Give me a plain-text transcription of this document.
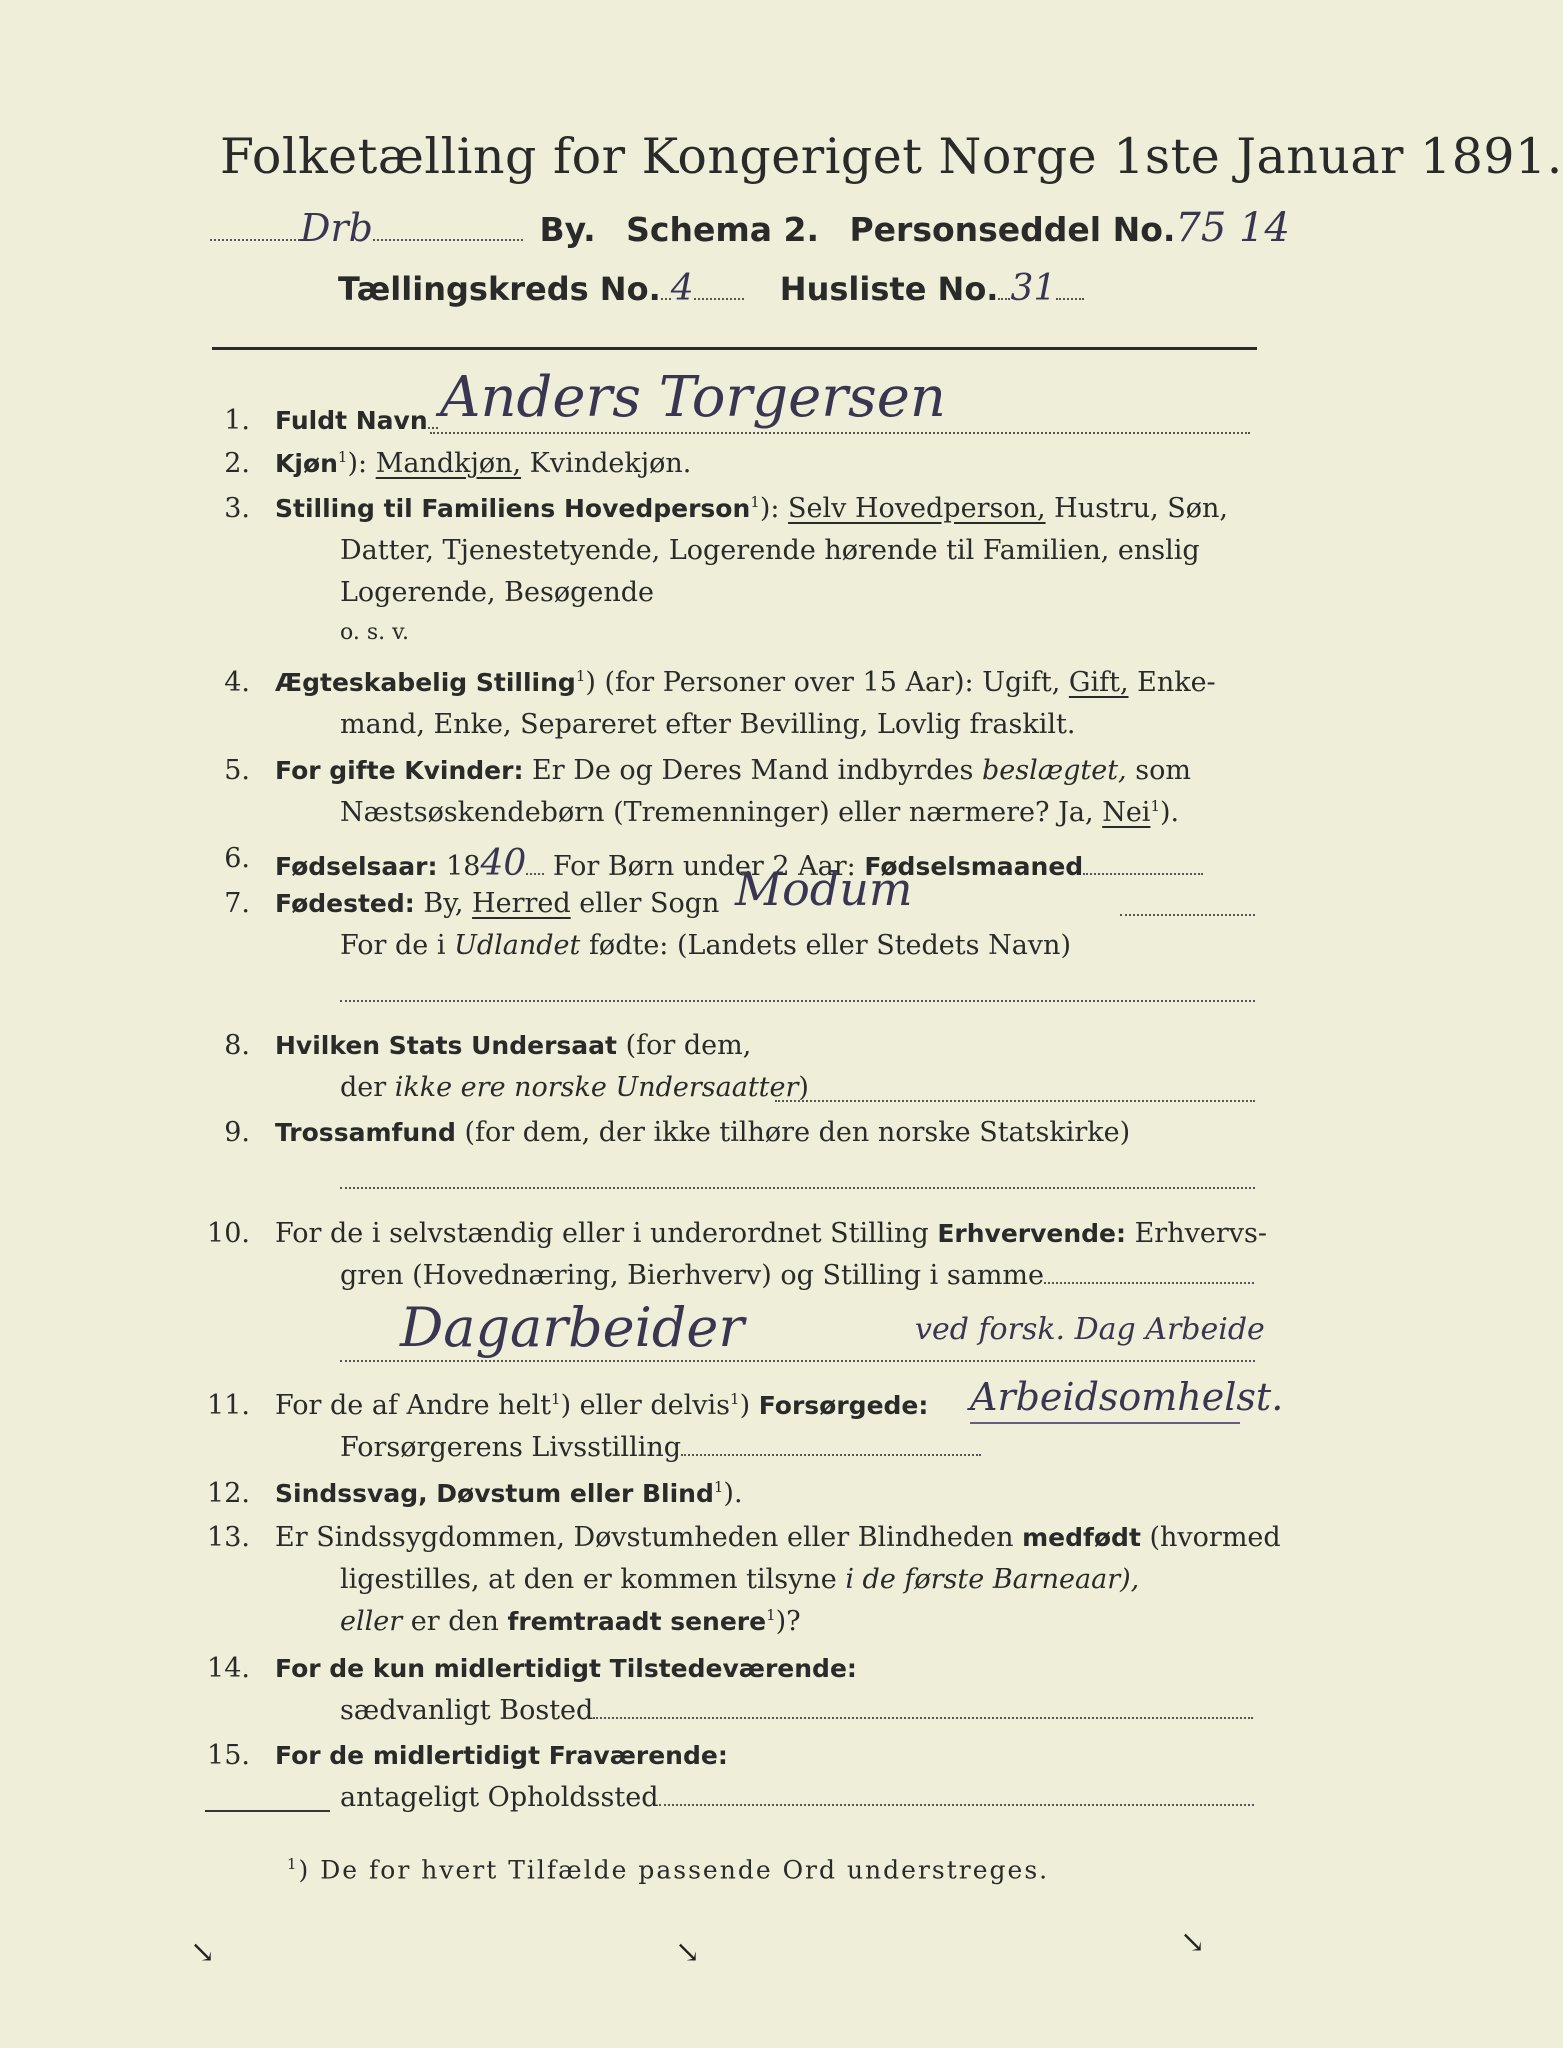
Folketælling for Kongeriget Norge 1ste Januar 1891.
Drb	By. Schema 2. Personseddel No.75 14
Tællingskreds No. 4	Husliste No. 31
1. Fuldt Navn Anders Torgersen
2. Kjøn$^1$): Mandkjøn, Kvindekjøn.
3. Stilling til Familiens Hovedperson$^1$): Selv Hovedperson, Hustru, Søn,
Datter, Tjenestetyende, Logerende hørende til Familien, enslig
Logerende, Besøgende
o. s. v.
4. Ægteskabelig Stilling$^1$) (for Personer over 15 Aar): Ugift, Gift, Enke-
mand, Enke, Separeret efter Bevilling, Lovlig fraskilt.
5. For gifte Kvinder: Er De og Deres Mand indbyrdes beslægtet, som
Næstsøskendebørn (Tremenninger) eller nærmere? Ja, Nei$^1$).
6. Fødselsaar: 1840 For Børn under 2 Aar: Fødselsmaaned
7. Fødested: By, Herred eller Sogn Modum
For de i Udlandet fødte: (Landets eller Stedets Navn)
8. Hvilken Stats Undersaat (for dem,
der ikke ere norske Undersaatter)
9. Trossamfund (for dem, der ikke tilhøre den norske Statskirke)
10. For de i selvstændig eller i underordnet Stilling Erhvervende: Erhvervs-
gren (Hovednæring, Bierhverv) og Stilling i samme
Dagarbeider	ved forsk. Dag Arbeide
11. For de af Andre helt$^1$) eller delvis$^1$) Forsørgede: Arbeidsomhelst.
Forsørgerens Livsstilling
12. Sindssvag, Døvstum eller Blind$^1$).
13. Er Sindssygdommen, Døvstumheden eller Blindheden medfødt (hvormed
ligestilles, at den er kommen tilsyne i de første Barneaar),
eller er den fremtraadt senere$^1$)?
14. For de kun midlertidigt Tilstedeværende:
sædvanligt Bosted
15. For de midlertidigt Fraværende:
antageligt Opholdssted
$^1$) De for hvert Tilfælde passende Ord understreges.
↘	↘	↘
